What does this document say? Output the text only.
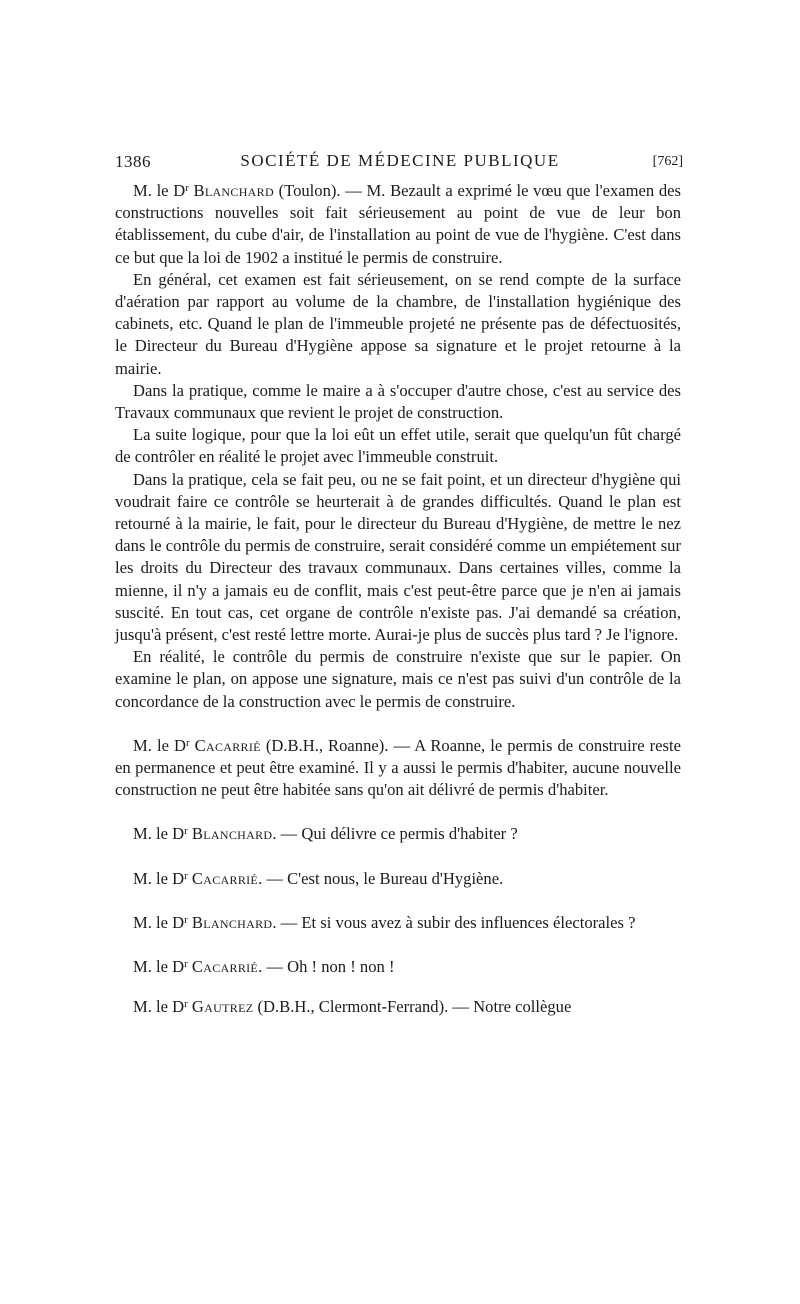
1386	SOCIÉTÉ DE MÉDECINE PUBLIQUE	[762]

M. le $D^r$ Blanchard (Toulon). — M. Bezault a exprimé le vœu que l'examen des constructions nouvelles soit fait sérieusement au point de vue de leur bon établissement, du cube d'air, de l'installation au point de vue de l'hygiène. C'est dans ce but que la loi de 1902 a institué le permis de construire.

En général, cet examen est fait sérieusement, on se rend compte de la surface d'aération par rapport au volume de la chambre, de l'installation hygiénique des cabinets, etc. Quand le plan de l'immeuble projeté ne présente pas de défectuosités, le Directeur du Bureau d'Hygiène appose sa signature et le projet retourne à la mairie.

Dans la pratique, comme le maire a à s'occuper d'autre chose, c'est au service des Travaux communaux que revient le projet de construction.

La suite logique, pour que la loi eût un effet utile, serait que quelqu'un fût chargé de contrôler en réalité le projet avec l'immeuble construit.

Dans la pratique, cela se fait peu, ou ne se fait point, et un directeur d'hygiène qui voudrait faire ce contrôle se heurterait à de grandes difficultés. Quand le plan est retourné à la mairie, le fait, pour le directeur du Bureau d'Hygiène, de mettre le nez dans le contrôle du permis de construire, serait considéré comme un empiétement sur les droits du Directeur des travaux communaux. Dans certaines villes, comme la mienne, il n'y a jamais eu de conflit, mais c'est peut-être parce que je n'en ai jamais suscité. En tout cas, cet organe de contrôle n'existe pas. J'ai demandé sa création, jusqu'à présent, c'est resté lettre morte. Aurai-je plus de succès plus tard ? Je l'ignore.

En réalité, le contrôle du permis de construire n'existe que sur le papier. On examine le plan, on appose une signature, mais ce n'est pas suivi d'un contrôle de la concordance de la construction avec le permis de construire.

M. le $D^r$ Cacarrié (D.B.H., Roanne). — A Roanne, le permis de construire reste en permanence et peut être examiné. Il y a aussi le permis d'habiter, aucune nouvelle construction ne peut être habitée sans qu'on ait délivré de permis d'habiter.

M. le $D^r$ Blanchard. — Qui délivre ce permis d'habiter ?

M. le $D^r$ Cacarrié. — C'est nous, le Bureau d'Hygiène.

M. le $D^r$ Blanchard. — Et si vous avez à subir des influences électorales ?

M. le $D^r$ Cacarrié. — Oh ! non ! non !

M. le $D^r$ Gautrez (D.B.H., Clermont-Ferrand). — Notre collègue
